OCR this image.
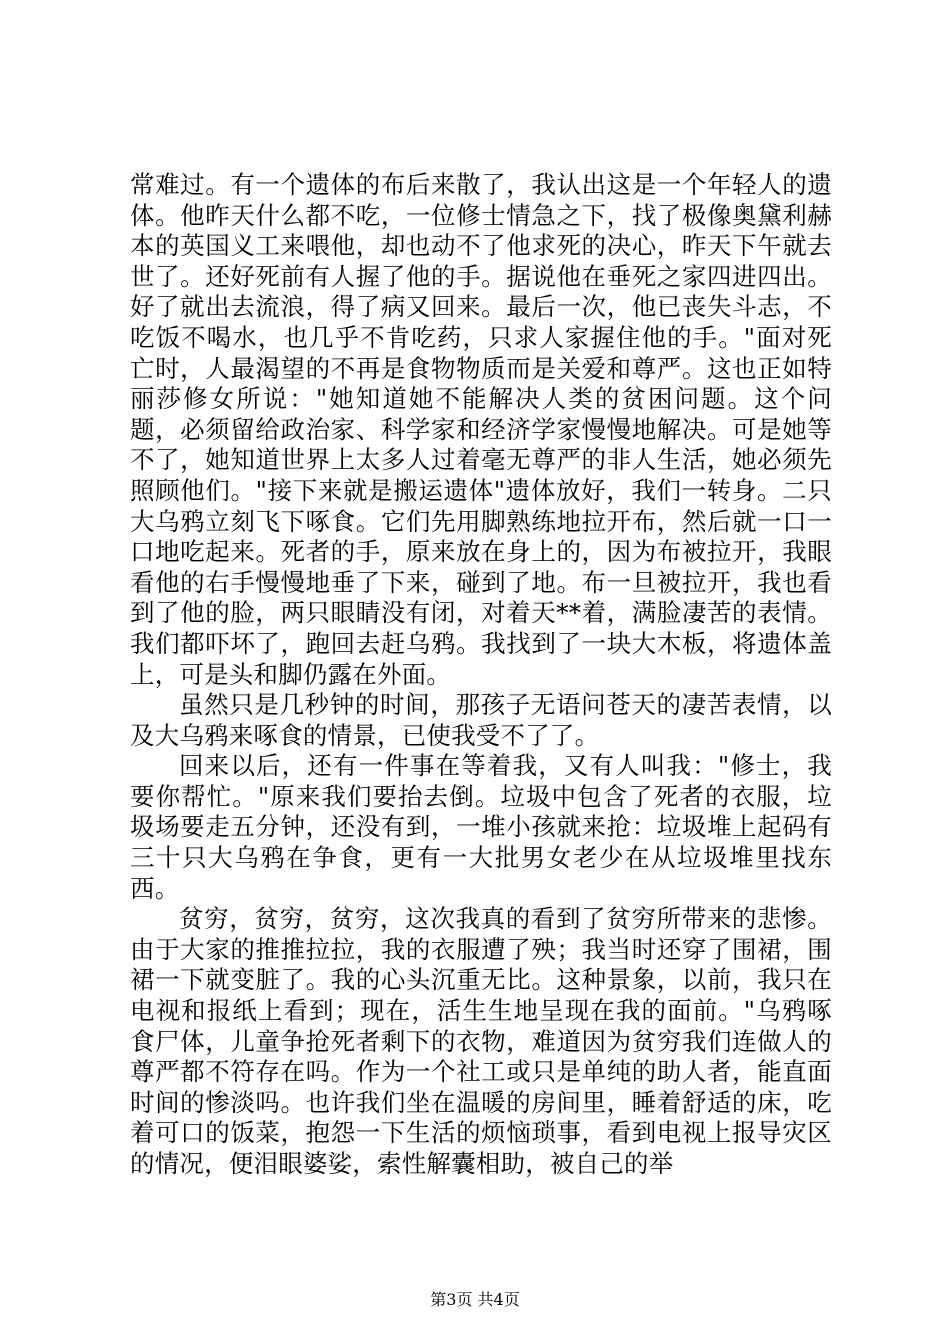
常难过。有一个遗体的布后来散了，我认出这是一个年轻人的遗体。他昨天什么都不吃，一位修士情急之下，找了极像奥黛利赫本的英国义工来喂他，却也动不了他求死的决心，昨天下午就去世了。还好死前有人握了他的手。据说他在垂死之家四进四出。好了就出去流浪，得了病又回来。最后一次，他已丧失斗志，不吃饭不喝水，也几乎不肯吃药，只求人家握住他的手。"面对死亡时，人最渴望的不再是食物物质而是关爱和尊严。这也正如特丽莎修女所说："她知道她不能解决人类的贫困问题。这个问题，必须留给政治家、科学家和经济学家慢慢地解决。可是她等不了，她知道世界上太多人过着毫无尊严的非人生活，她必须先照顾他们。"接下来就是搬运遗体"遗体放好，我们一转身。二只大乌鸦立刻飞下啄食。它们先用脚熟练地拉开布，然后就一口一口地吃起来。死者的手，原来放在身上的，因为布被拉开，我眼看他的右手慢慢地垂了下来，碰到了地。布一旦被拉开，我也看到了他的脸，两只眼睛没有闭，对着天**着，满脸凄苦的表情。我们都吓坏了，跑回去赶乌鸦。我找到了一块大木板，将遗体盖上，可是头和脚仍露在外面。

虽然只是几秒钟的时间，那孩子无语问苍天的凄苦表情，以及大乌鸦来啄食的情景，已使我受不了了。

回来以后，还有一件事在等着我，又有人叫我："修士，我要你帮忙。"原来我们要抬去倒。垃圾中包含了死者的衣服，垃圾场要走五分钟，还没有到，一堆小孩就来抢：垃圾堆上起码有三十只大乌鸦在争食，更有一大批男女老少在从垃圾堆里找东西。

贫穷，贫穷，贫穷，这次我真的看到了贫穷所带来的悲惨。由于大家的推推拉拉，我的衣服遭了殃；我当时还穿了围裙，围裙一下就变脏了。我的心头沉重无比。这种景象，以前，我只在电视和报纸上看到；现在，活生生地呈现在我的面前。"乌鸦啄食尸体，儿童争抢死者剩下的衣物，难道因为贫穷我们连做人的尊严都不符存在吗。作为一个社工或只是单纯的助人者，能直面时间的惨淡吗。也许我们坐在温暖的房间里，睡着舒适的床，吃着可口的饭菜，抱怨一下生活的烦恼琐事，看到电视上报导灾区的情况，便泪眼婆娑，索性解囊相助，被自己的举

第3页 共4页
